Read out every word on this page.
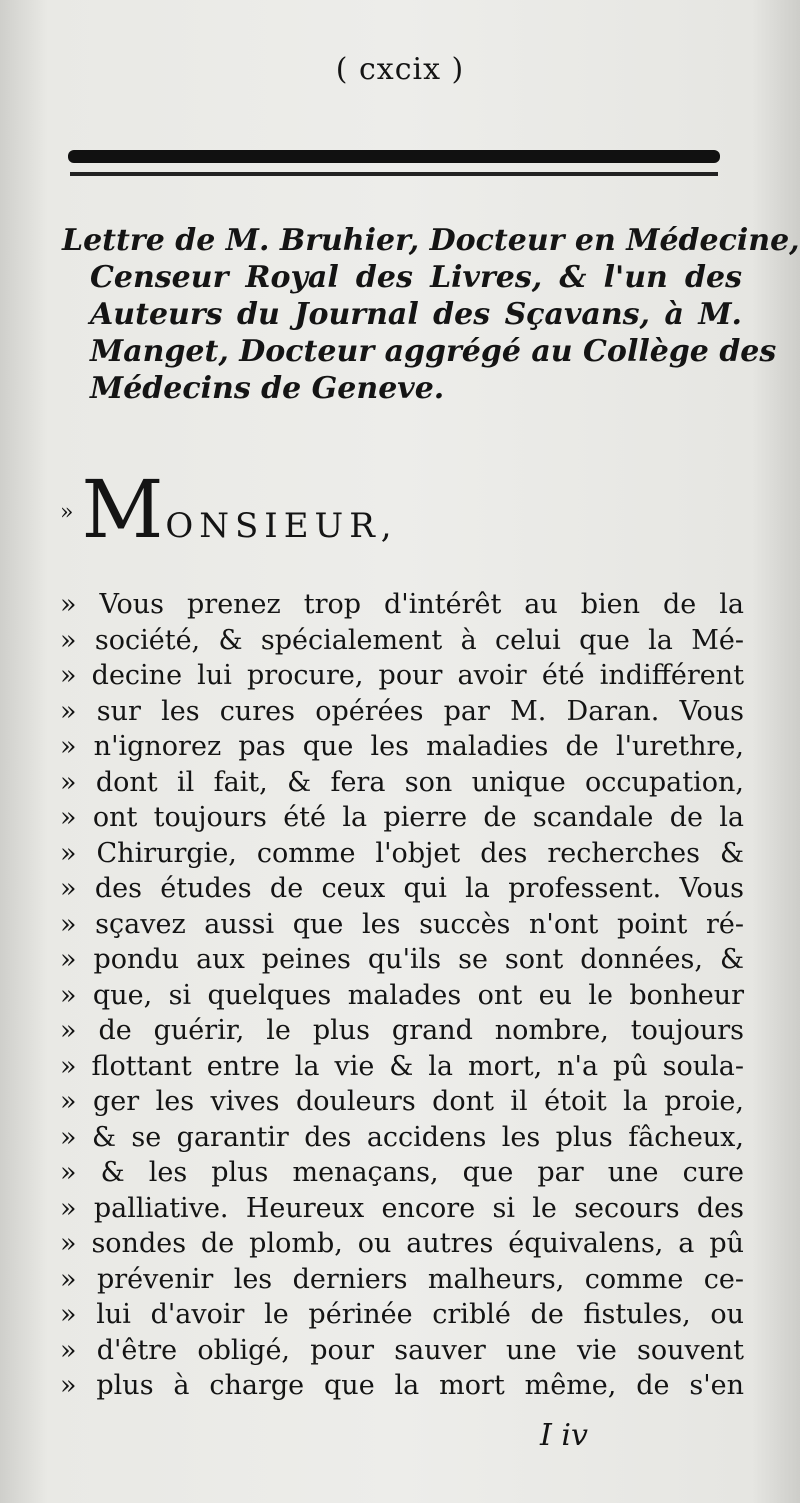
( cxcix )
Lettre de M. Bruhier, Docteur en Médecine,
Censeur Royal des Livres, & l'un des
Auteurs du Journal des Sçavans, à M.
Manget, Docteur aggrégé au Collège des
Médecins de Geneve.
» MONSIEUR,
» Vous prenez trop d'intérêt au bien de la
» société, & spécialement à celui que la Mé-
» decine lui procure, pour avoir été indifférent
» sur les cures opérées par M. Daran. Vous
» n'ignorez pas que les maladies de l'urethre,
» dont il fait, & fera son unique occupation,
» ont toujours été la pierre de scandale de la
» Chirurgie, comme l'objet des recherches &
» des études de ceux qui la professent. Vous
» sçavez aussi que les succès n'ont point ré-
» pondu aux peines qu'ils se sont données, &
» que, si quelques malades ont eu le bonheur
» de guérir, le plus grand nombre, toujours
» flottant entre la vie & la mort, n'a pû soula-
» ger les vives douleurs dont il étoit la proie,
» & se garantir des accidens les plus fâcheux,
» & les plus menaçans, que par une cure
» palliative. Heureux encore si le secours des
» sondes de plomb, ou autres équivalens, a pû
» prévenir les derniers malheurs, comme ce-
» lui d'avoir le périnée criblé de fistules, ou
» d'être obligé, pour sauver une vie souvent
» plus à charge que la mort même, de s'en
I iv
